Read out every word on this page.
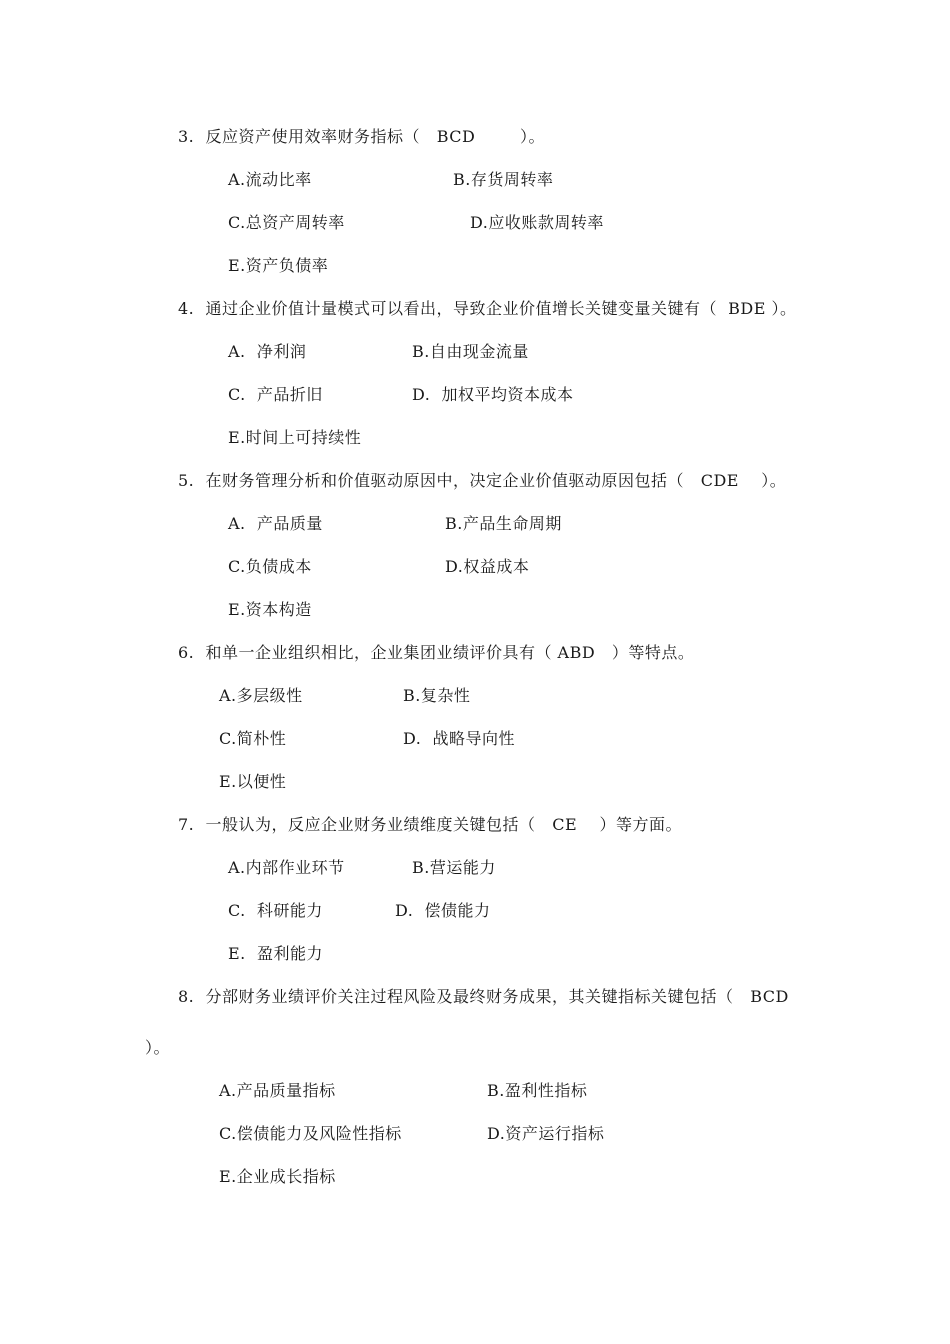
3.  反应资产使用效率财务指标（   BCD        ）。
A.流动比率	B.存货周转率
C.总资产周转率	D.应收账款周转率
E.资产负债率
4.  通过企业价值计量模式可以看出，导致企业价值增长关键变量关键有（  BDE ）。
A.  净利润	B.自由现金流量
C.  产品折旧	D.  加权平均资本成本
E.时间上可持续性
5.  在财务管理分析和价值驱动原因中，决定企业价值驱动原因包括（   CDE    ）。
A.  产品质量	B.产品生命周期
C.负债成本	D.权益成本
E.资本构造
6.  和单一企业组织相比，企业集团业绩评价具有（ ABD   ）等特点。
A.多层级性	B.复杂性
C.简朴性	D.  战略导向性
E.以便性
7.  一般认为，反应企业财务业绩维度关键包括（   CE    ）等方面。
A.内部作业环节	B.营运能力
C.  科研能力	D.  偿债能力
E.  盈利能力
8.  分部财务业绩评价关注过程风险及最终财务成果，其关键指标关键包括（   BCD
）。
A.产品质量指标	B.盈利性指标
C.偿债能力及风险性指标	D.资产运行指标
E.企业成长指标
